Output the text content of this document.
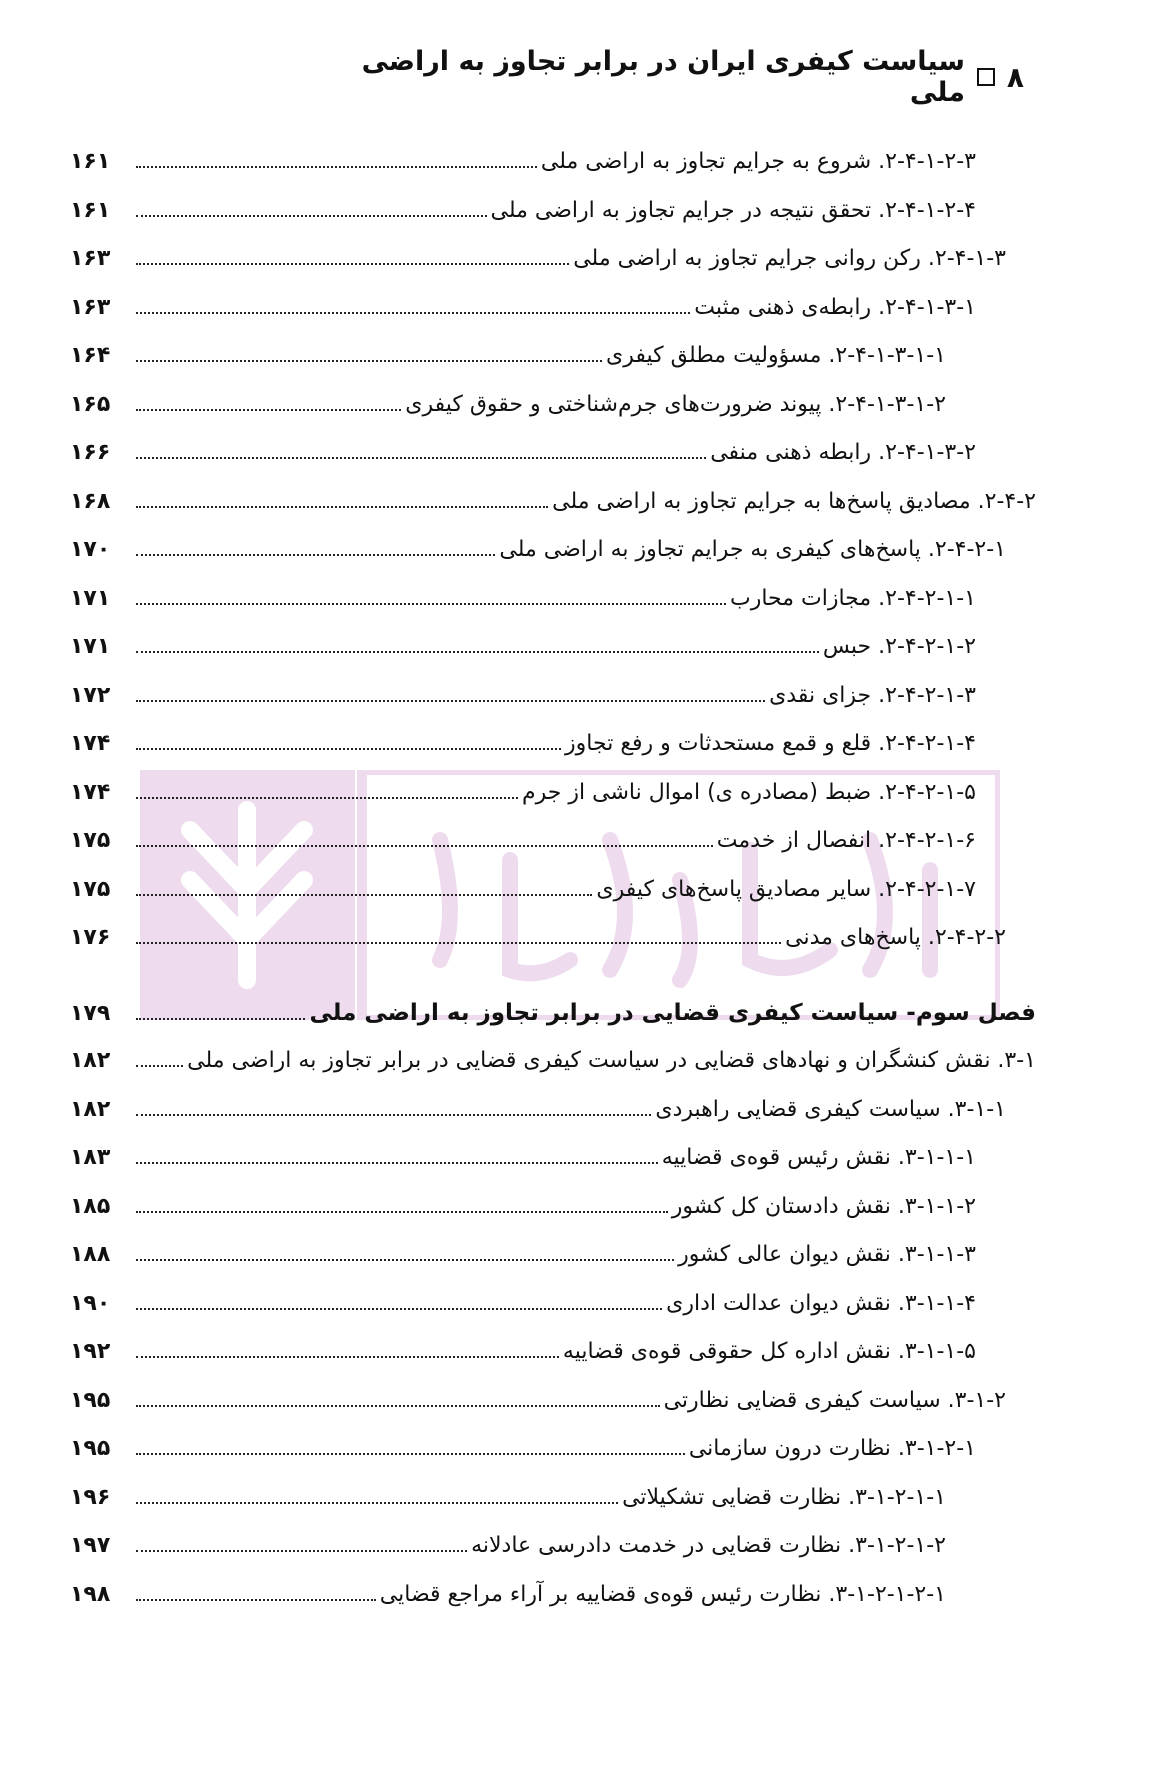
۸
سیاست کیفری ایران در برابر تجاوز به اراضی ملی
۲-۴-۱-۲-۳. شروع به جرایم تجاوز به اراضی ملی
۱۶۱
۲-۴-۱-۲-۴. تحقق نتیجه در جرایم تجاوز به اراضی ملی
۱۶۱
۲-۴-۱-۳. رکن روانی جرایم تجاوز به اراضی ملی
۱۶۳
۲-۴-۱-۳-۱. رابطه‌ی ذهنی مثبت
۱۶۳
۲-۴-۱-۳-۱-۱. مسؤولیت مطلق کیفری
۱۶۴
۲-۴-۱-۳-۱-۲. پیوند ضرورت‌های جرم‌شناختی و حقوق کیفری
۱۶۵
۲-۴-۱-۳-۲. رابطه ذهنی منفی
۱۶۶
۲-۴-۲. مصادیق پاسخ‌ها به جرایم تجاوز به اراضی ملی
۱۶۸
۲-۴-۲-۱. پاسخ‌های کیفری به جرایم تجاوز به اراضی ملی
۱۷۰
۲-۴-۲-۱-۱. مجازات محارب
۱۷۱
۲-۴-۲-۱-۲. حبس
۱۷۱
۲-۴-۲-۱-۳. جزای نقدی
۱۷۲
۲-۴-۲-۱-۴. قلع و قمع مستحدثات و رفع تجاوز
۱۷۴
۲-۴-۲-۱-۵. ضبط (مصادره ی) اموال ناشی از جرم
۱۷۴
۲-۴-۲-۱-۶. انفصال از خدمت
۱۷۵
۲-۴-۲-۱-۷. سایر مصادیق پاسخ‌های کیفری
۱۷۵
۲-۴-۲-۲. پاسخ‌های مدنی
۱۷۶
فصل سوم- سیاست کیفری قضایی در برابر تجاوز به اراضی ملی
۱۷۹
۳-۱. نقش کنشگران و نهادهای قضایی در سیاست کیفری قضایی در برابر تجاوز به اراضی ملی
۱۸۲
۳-۱-۱. سیاست کیفری قضایی راهبردی
۱۸۲
۳-۱-۱-۱. نقش رئیس قوه‌ی قضاییه
۱۸۳
۳-۱-۱-۲. نقش دادستان کل کشور
۱۸۵
۳-۱-۱-۳. نقش دیوان عالی کشور
۱۸۸
۳-۱-۱-۴. نقش دیوان عدالت اداری
۱۹۰
۳-۱-۱-۵. نقش اداره کل حقوقی قوه‌ی قضاییه
۱۹۲
۳-۱-۲. سیاست کیفری قضایی نظارتی
۱۹۵
۳-۱-۲-۱. نظارت درون سازمانی
۱۹۵
۳-۱-۲-۱-۱. نظارت قضایی تشکیلاتی
۱۹۶
۳-۱-۲-۱-۲. نظارت قضایی در خدمت دادرسی عادلانه
۱۹۷
۳-۱-۲-۱-۲-۱. نظارت رئیس قوه‌ی قضاییه بر آراء مراجع قضایی
۱۹۸
